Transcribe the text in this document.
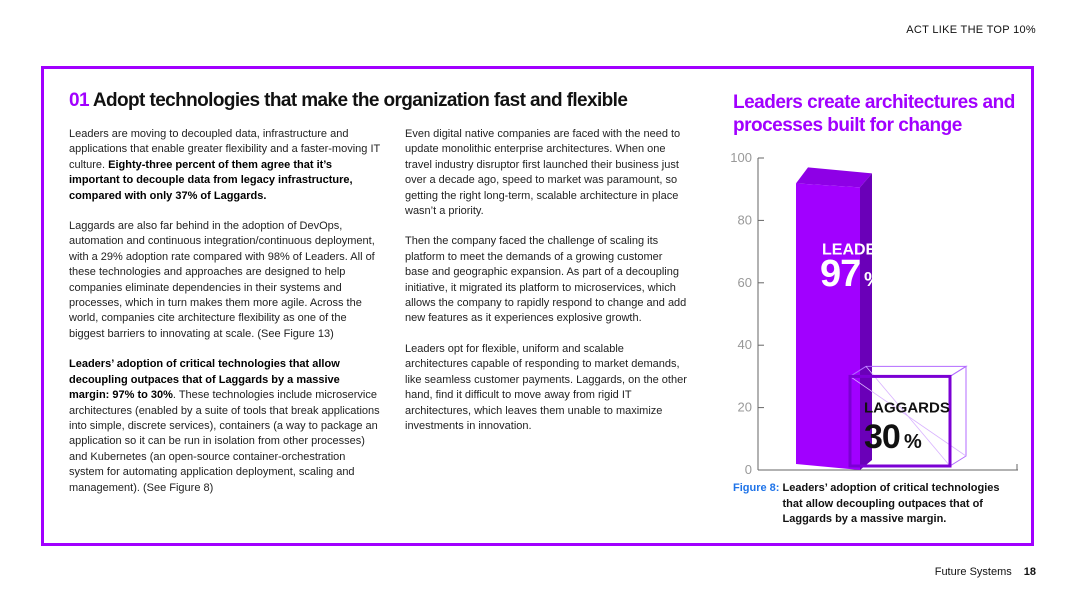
ACT LIKE THE TOP 10%
01 Adopt technologies that make the organization fast and flexible

Leaders are moving to decoupled data, infrastructure and applications that enable greater flexibility and a faster-moving IT culture. Eighty-three percent of them agree that it’s important to decouple data from legacy infrastructure, compared with only 37% of Laggards.

Laggards are also far behind in the adoption of DevOps, automation and continuous integration/continuous deployment, with a 29% adoption rate compared with 98% of Leaders. All of these technologies and approaches are designed to help companies eliminate dependencies in their systems and processes, which in turn makes them more agile. Across the world, companies cite architecture flexibility as one of the biggest barriers to innovating at scale. (See Figure 13)

Leaders’ adoption of critical technologies that allow decoupling outpaces that of Laggards by a massive margin: 97% to 30%. These technologies include microservice architectures (enabled by a suite of tools that break applications into simple, discrete services), containers (a way to package an application so it can be run in isolation from other processes) and Kubernetes (an open-source container-orchestration system for automating application deployment, scaling and management). (See Figure 8)

Even digital native companies are faced with the need to update monolithic enterprise architectures. When one travel industry disruptor first launched their business just over a decade ago, speed to market was paramount, so getting the right long-term, scalable architecture in place wasn’t a priority.

Then the company faced the challenge of scaling its platform to meet the demands of a growing customer base and geographic expansion. As part of a decoupling initiative, it migrated its platform to microservices, which allows the company to rapidly respond to change and add new features as it experiences explosive growth.

Leaders opt for flexible, uniform and scalable architectures capable of responding to market demands, like seamless customer payments. Laggards, on the other hand, find it difficult to move away from rigid IT architectures, which leaves them unable to maximize investments in innovation.

Leaders create architectures and processes built for change
0
20
40
60
80
100
LEADERS
97 %
LAGGARDS
30 %
Figure 8: Leaders’ adoption of critical technologies that allow decoupling outpaces that of Laggards by a massive margin.
Future Systems 18
